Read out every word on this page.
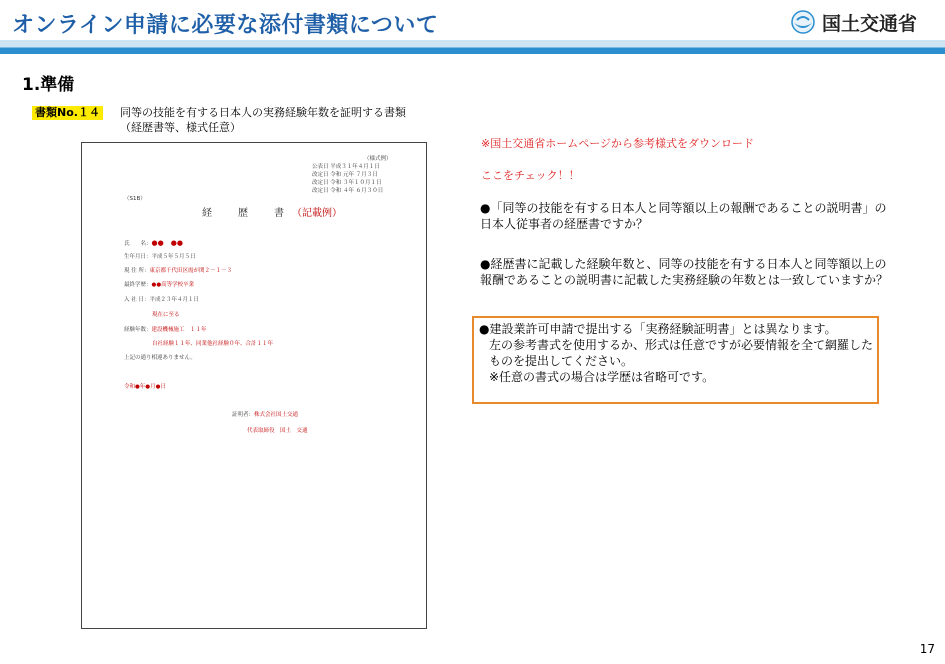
オンライン申請に必要な添付書類について	国土交通省
1.準備
書類No.１４ 同等の技能を有する日本人の実務経験年数を証明する書類（経歴書等、様式任意）
（様式例）
公表日 平成３１年４月１日
改定日 令和 元年 ７月３日
改定日 令和 ３年１０月１日
改定日 令和 ４年 ６月３０日
（S1B）
経　歴　書（記載例）
氏　　名：●●　●●
生年月日：平成５年５月５日
現 住 所：東京都千代田区霞が関２－１－３
最終学歴：●●高等学校卒業
入 社 日：平成２３年４月１日
現在に至る
経験年数：建設機械施工　１１年
自社経験１１年、同業他社経験０年、合計１１年
上記の通り相違ありません。
令和●年●月●日
証明者：株式会社国土交通
代表取締役　国土　交通
※国土交通省ホームページから参考様式をダウンロード
ここをチェック！！
●「同等の技能を有する日本人と同等額以上の報酬であることの説明書」の日本人従事者の経歴書ですか？
●経歴書に記載した経験年数と、同等の技能を有する日本人と同等額以上の報酬であることの説明書に記載した実務経験の年数とは一致していますか？
●建設業許可申請で提出する「実務経験証明書」とは異なります。
左の参考書式を使用するか、形式は任意ですが必要情報を全て網羅したものを提出してください。
※任意の書式の場合は学歴は省略可です。
17
